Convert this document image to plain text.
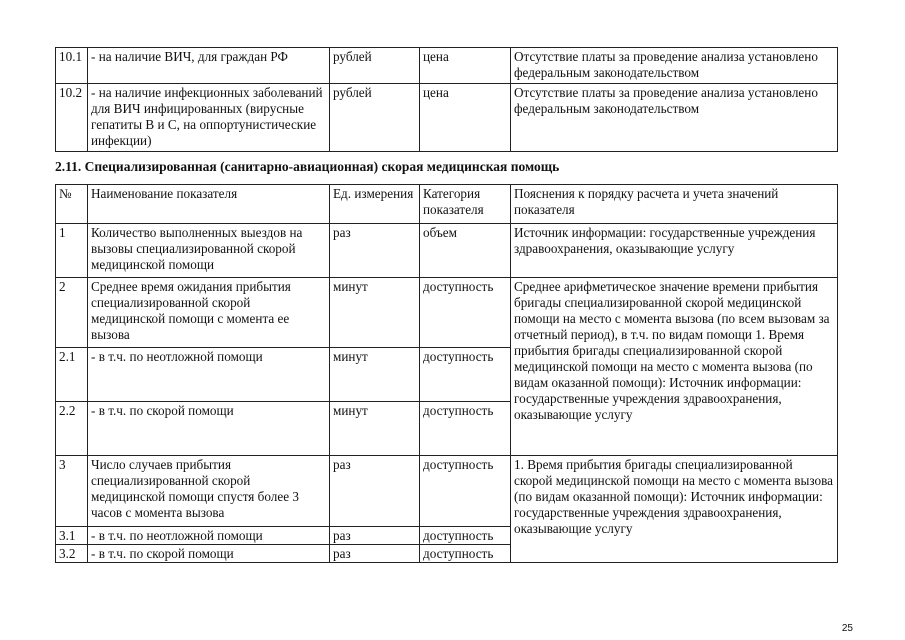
10.1	- на наличие ВИЧ, для граждан РФ	рублей	цена	Отсутствие платы за проведение анализа установлено федеральным законодательством
10.2	- на наличие инфекционных заболеваний для ВИЧ инфицированных (вирусные гепатиты В и С, на оппортунистические инфекции)	рублей	цена	Отсутствие платы за проведение анализа установлено федеральным законодательством
2.11. Специализированная (санитарно-авиационная) скорая медицинская помощь
№	Наименование показателя	Ед. измерения	Категория показателя	Пояснения к порядку расчета и учета значений показателя
1	Количество выполненных выездов на вызовы специализированной скорой медицинской помощи	раз	объем	Источник информации: государственные учреждения здравоохранения, оказывающие услугу
2	Среднее время ожидания прибытия специализированной скорой медицинской помощи с момента ее вызова	минут	доступность	Среднее арифметическое значение времени прибытия бригады специализированной скорой медицинской помощи на место с момента вызова (по всем вызовам за отчетный период), в т.ч. по видам помощи 1. Время прибытия бригады специализированной скорой медицинской помощи на место с момента вызова (по видам оказанной помощи): Источник информации: государственные учреждения здравоохранения, оказывающие услугу
2.1	- в т.ч. по неотложной помощи	минут	доступность	
2.2	- в т.ч. по скорой помощи	минут	доступность	
3	Число случаев прибытия специализированной скорой медицинской помощи спустя более 3 часов с момента вызова	раз	доступность	1. Время прибытия бригады специализированной скорой медицинской помощи на место с момента вызова (по видам оказанной помощи): Источник информации: государственные учреждения здравоохранения, оказывающие услугу
3.1	- в т.ч. по неотложной помощи	раз	доступность	
3.2	- в т.ч. по скорой помощи	раз	доступность	
25
